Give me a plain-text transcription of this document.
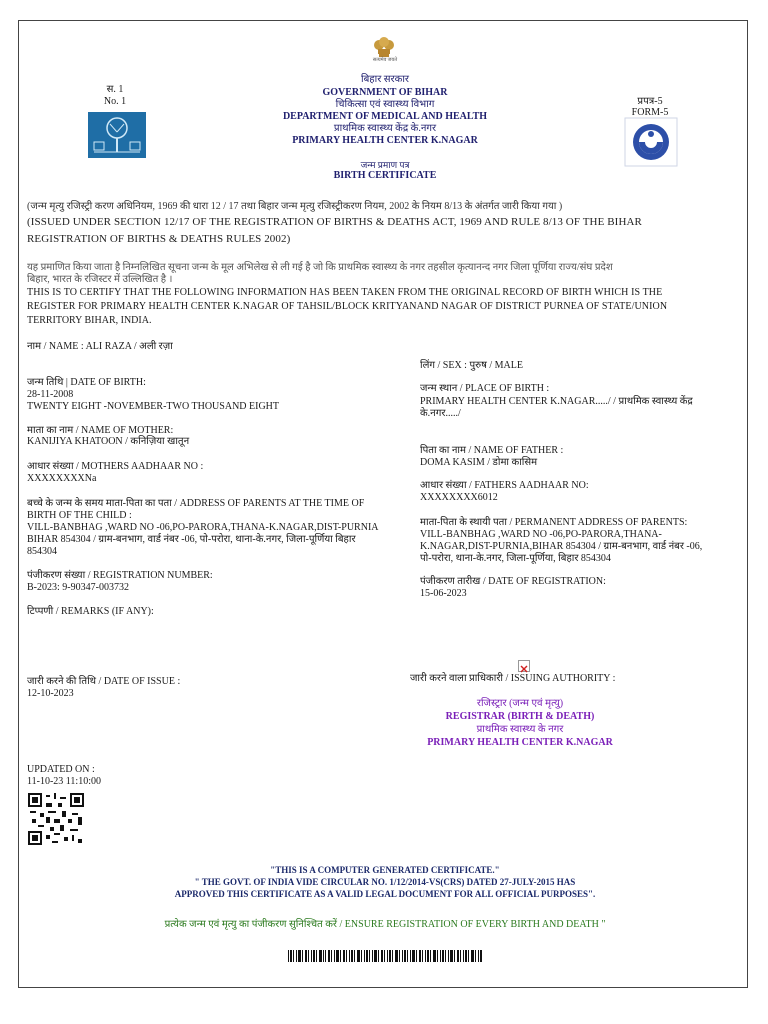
सत्यमेव जयते
स. 1
No. 1
बिहार सरकार
GOVERNMENT OF BIHAR
चिकित्सा एवं स्वास्थ्य विभाग
DEPARTMENT OF MEDICAL AND HEALTH
प्राथमिक स्वास्थ्य केंद्र के.नगर
PRIMARY HEALTH CENTER K.NAGAR
जन्म प्रमाण पत्र
BIRTH CERTIFICATE
प्रपत्र-5
FORM-5
(जन्म मृत्यु रजिस्ट्री करण अधिनियम, 1969 की धारा 12 / 17 तथा बिहार जन्म मृत्यु रजिस्ट्रीकरण नियम, 2002 के नियम 8/13 के अंतर्गत जारी किया गया )
(ISSUED UNDER SECTION 12/17 OF THE REGISTRATION OF BIRTHS & DEATHS ACT, 1969 AND RULE 8/13 OF THE BIHAR
REGISTRATION OF BIRTHS & DEATHS RULES 2002)
यह प्रमाणित किया जाता है निम्नलिखित सूचना जन्म के मूल अभिलेख से ली गई है जो कि प्राथमिक स्वास्थ्य के नगर तहसील कृत्यानन्द नगर जिला पूर्णिया राज्य/संघ प्रदेश
बिहार, भारत के रजिस्टर में उल्लिखित है ।
THIS IS TO CERTIFY THAT THE FOLLOWING INFORMATION HAS BEEN TAKEN FROM THE ORIGINAL RECORD OF BIRTH WHICH IS THE
REGISTER FOR PRIMARY HEALTH CENTER K.NAGAR OF TAHSIL/BLOCK KRITYANAND NAGAR OF DISTRICT PURNEA OF STATE/UNION
TERRITORY BIHAR, INDIA.
नाम / NAME : ALI RAZA / अली रज़ा
जन्म तिथि | DATE OF BIRTH:
28-11-2008
TWENTY EIGHT -NOVEMBER-TWO THOUSAND EIGHT
माता का नाम / NAME OF MOTHER:
KANIJIYA KHATOON / कनिज़िया खातून
आधार संख्या / MOTHERS AADHAAR NO :
XXXXXXXXNa
बच्चे के जन्म के समय माता-पिता का पता / ADDRESS OF PARENTS AT THE TIME OF
BIRTH OF THE CHILD :
VILL-BANBHAG ,WARD NO -06,PO-PARORA,THANA-K.NAGAR,DIST-PURNIA
BIHAR 854304 / ग्राम-बनभाग, वार्ड नंबर -06, पो-परोरा, थाना-के.नगर, जिला-पूर्णिया बिहार
854304
पंजीकरण संख्या / REGISTRATION NUMBER:
B-2023: 9-90347-003732
टिप्पणी / REMARKS (IF ANY):
जारी करने की तिथि / DATE OF ISSUE :
12-10-2023
लिंग / SEX : पुरुष / MALE
जन्म स्थान / PLACE OF BIRTH :
PRIMARY HEALTH CENTER K.NAGAR...../ / प्राथमिक स्वास्थ्य केंद्र
के.नगर...../
पिता का नाम / NAME OF FATHER :
DOMA KASIM / डोमा कासिम
आधार संख्या / FATHERS AADHAAR NO:
XXXXXXXX6012
माता-पिता के स्थायी पता / PERMANENT ADDRESS OF PARENTS:
VILL-BANBHAG ,WARD NO -06,PO-PARORA,THANA-
K.NAGAR,DIST-PURNIA,BIHAR 854304 / ग्राम-बनभाग, वार्ड नंबर -06,
पो-परोरा, थाना-के.नगर, जिला-पूर्णिया, बिहार 854304
पंजीकरण तारीख / DATE OF REGISTRATION:
15-06-2023
जारी करने वाला प्राधिकारी / ISSUING AUTHORITY :
रजिस्ट्रार (जन्म एवं मृत्यु)
REGISTRAR (BIRTH & DEATH)
प्राथमिक स्वास्थ्य के नगर
PRIMARY HEALTH CENTER K.NAGAR
UPDATED ON :
11-10-23 11:10:00
"THIS IS A COMPUTER GENERATED CERTIFICATE."
" THE GOVT. OF INDIA VIDE CIRCULAR NO. 1/12/2014-VS(CRS) DATED 27-JULY-2015 HAS
APPROVED THIS CERTIFICATE AS A VALID LEGAL DOCUMENT FOR ALL OFFICIAL PURPOSES".
प्रत्येक जन्म एवं मृत्यु का पंजीकरण सुनिश्चित करें / ENSURE REGISTRATION OF EVERY BIRTH AND DEATH "
